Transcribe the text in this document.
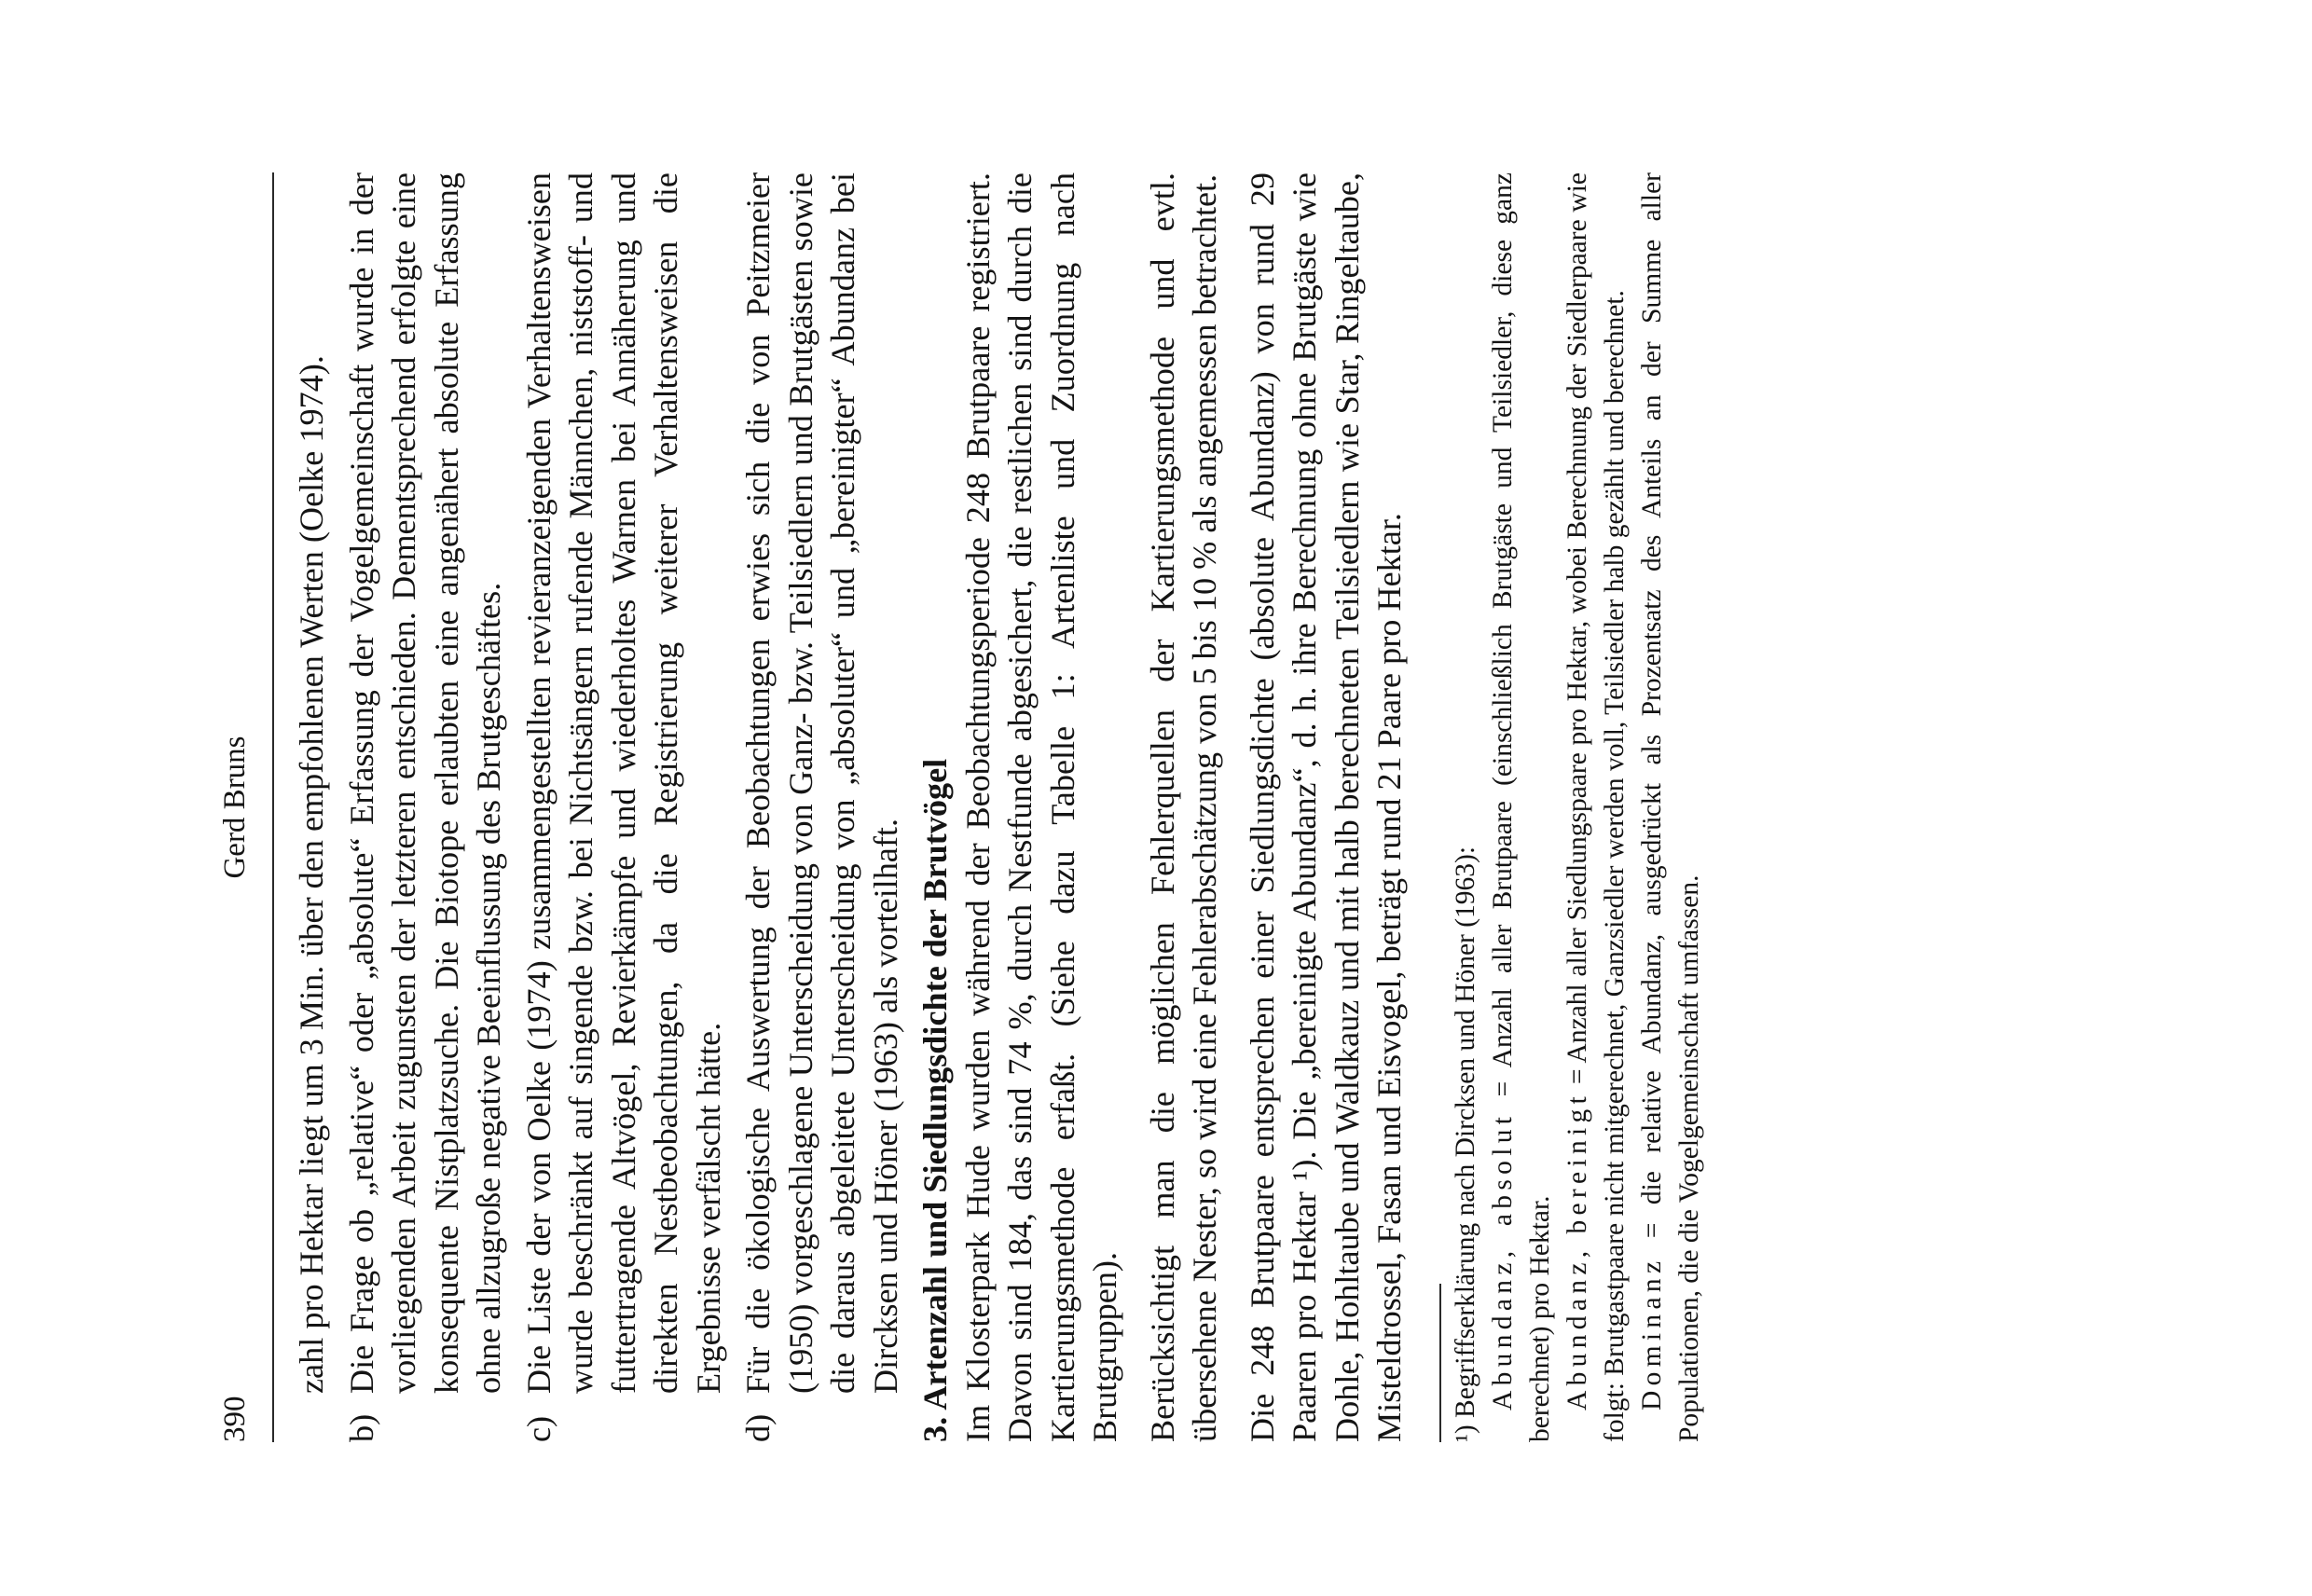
390
Gerd Bruns	zahl pro Hektar liegt um 3 Min. über den empfohlenen Werten (Oelke 1974).

b)

Die Frage ob „relative“ oder „absolute“ Erfassung der Vogelgemeinschaft wurde in der vorliegenden Arbeit zugunsten der letzteren entschieden. Dementsprechend erfolgte eine konsequente Nistplatzsuche. Die Biotope erlaubten eine angenähert absolute Erfassung ohne allzugroße negative Beeinflussung des Brutgeschäftes.

c)

Die Liste der von Oelke (1974) zusammengestellten revieranzeigenden Verhaltensweisen wurde beschränkt auf singende bzw. bei Nichtsängern rufende Männchen, niststoff- und futtertragende Altvögel, Revierkämpfe und wiederholtes Warnen bei Annäherung und direkten Nestbeobachtungen, da die Registrierung weiterer Verhaltensweisen die Ergebnisse verfälscht hätte.

d)

Für die ökologische Auswertung der Beobachtungen erwies sich die von Peitzmeier (1950) vorgeschlagene Unterscheidung von Ganz- bzw. Teilsiedlern und Brutgästen sowie die daraus abgeleitete Unterscheidung von „absoluter“ und „bereinigter“ Abundanz bei Dircksen und Höner (1963) als vorteilhaft. 3. Artenzahl und Siedlungsdichte der Brutvögel Im Klosterpark Hude wurden während der Beobachtungsperiode 248 Brutpaare registriert. Davon sind 184, das sind 74 %, durch Nestfunde abgesichert, die restlichen sind durch die Kartierungsmethode erfaßt. (Siehe dazu Tabelle 1: Artenliste und Zuordnung nach Brutgruppen). Berücksichtigt man die möglichen Fehlerquellen der Kartierungsmethode und evtl. übersehene Nester, so wird eine Fehlerabschätzung von 5 bis 10 % als angemessen betrachtet. Die 248 Brutpaare entsprechen einer Siedlungsdichte (absolute Abundanz) von rund 29 Paaren pro Hektar ¹). Die „bereinigte Abundanz“, d. h. ihre Berechnung ohne Brutgäste wie Dohle, Hohltaube und Waldkauz und mit halb berechneten Teilsiedlern wie Star, Ringeltaube, Misteldrossel, Fasan und Eisvogel, beträgt rund 21 Paare pro Hektar. ¹) Begriffserklärung nach Dircksen und Höner (1963): Abundanz, absolut = Anzahl aller Brutpaare (einschließlich Brutgäste und Teilsiedler, diese ganz berechnet) pro Hektar. Abundanz, bereinigt = Anzahl aller Siedlungspaare pro Hektar, wobei Berechnung der Siedlerpaare wie folgt: Brutgastpaare nicht mitgerechnet, Ganzsiedler werden voll, Teilsiedler halb gezählt und berechnet. Dominanz = die relative Abundanz, ausgedrückt als Prozentsatz des Anteils an der Summe aller Populationen, die die Vogelgemeinschaft umfassen.
